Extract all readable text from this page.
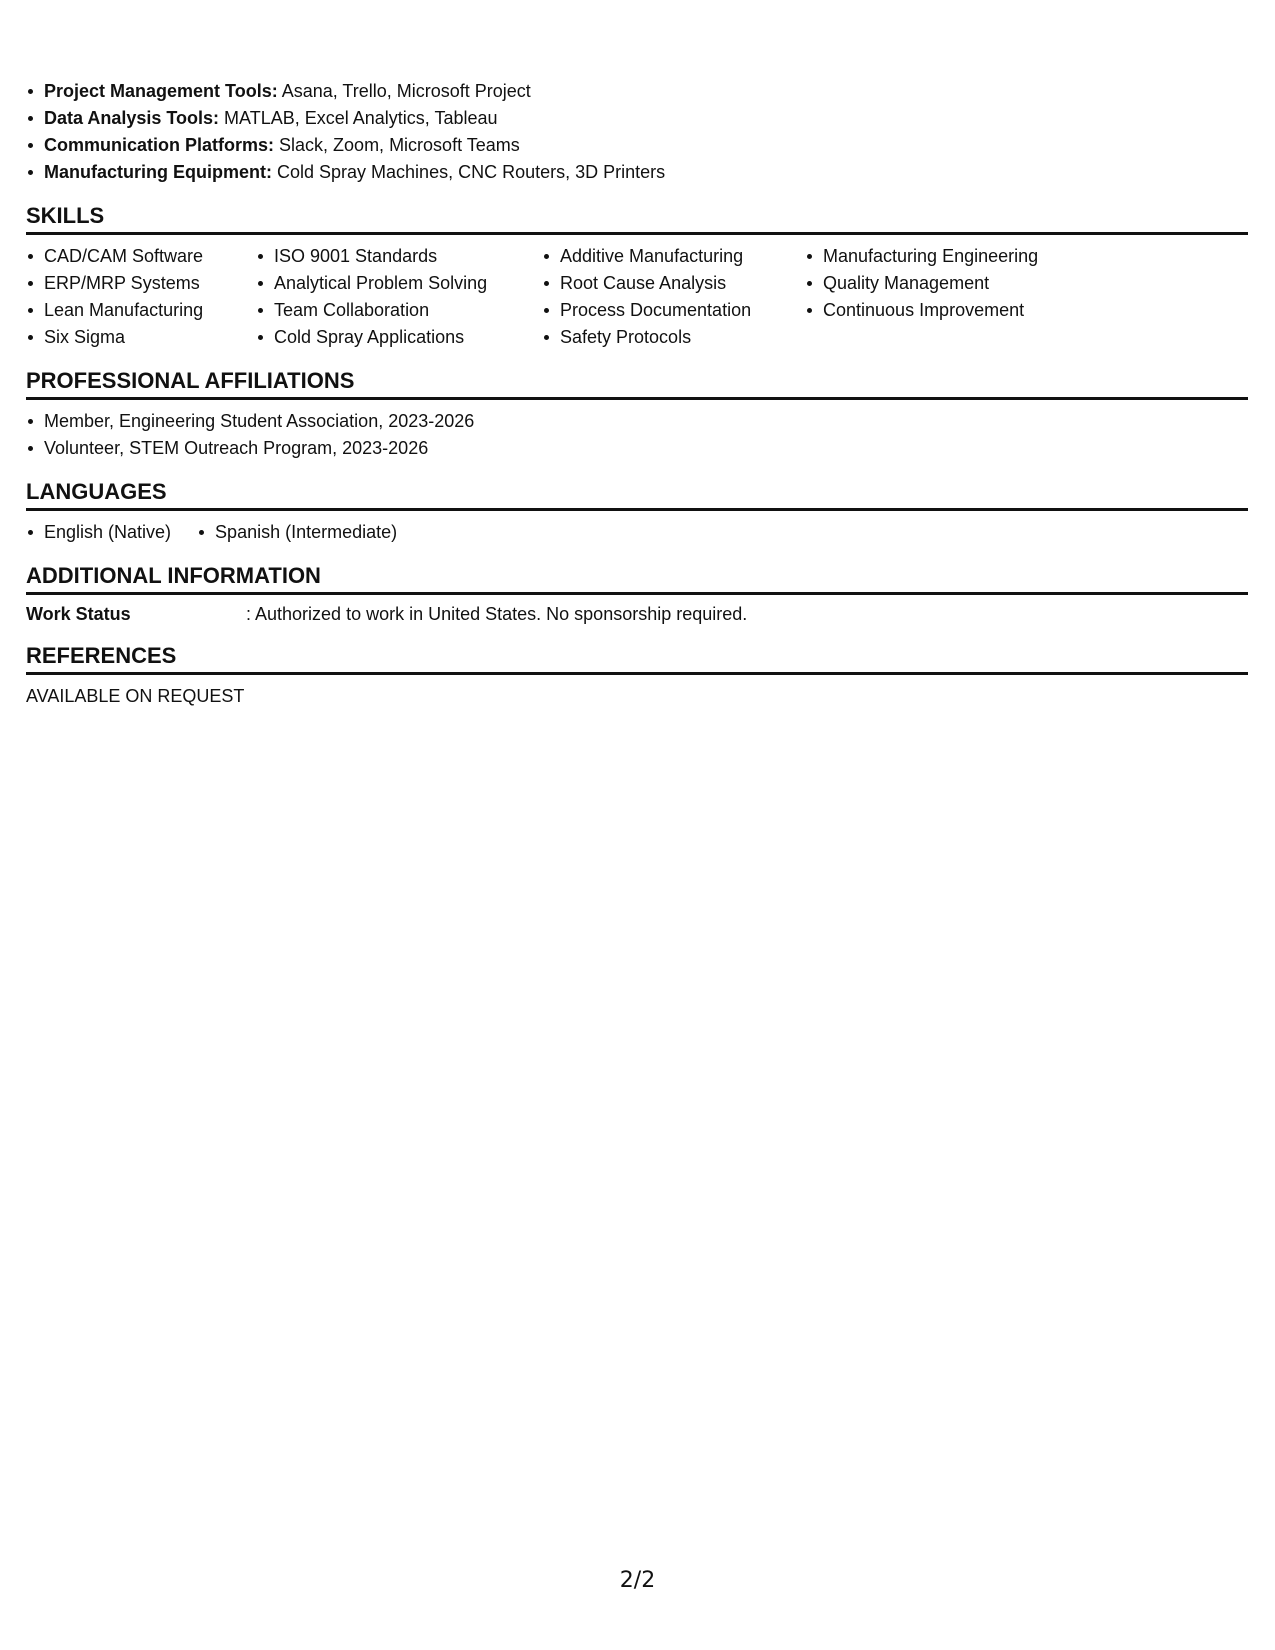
Project Management Tools: Asana, Trello, Microsoft Project
Data Analysis Tools: MATLAB, Excel Analytics, Tableau
Communication Platforms: Slack, Zoom, Microsoft Teams
Manufacturing Equipment: Cold Spray Machines, CNC Routers, 3D Printers
SKILLS
CAD/CAM Software
ERP/MRP Systems
Lean Manufacturing
Six Sigma
ISO 9001 Standards
Analytical Problem Solving
Team Collaboration
Cold Spray Applications
Additive Manufacturing
Root Cause Analysis
Process Documentation
Safety Protocols
Manufacturing Engineering
Quality Management
Continuous Improvement
PROFESSIONAL AFFILIATIONS
Member, Engineering Student Association, 2023-2026
Volunteer, STEM Outreach Program, 2023-2026
LANGUAGES
English (Native) Spanish (Intermediate)
ADDITIONAL INFORMATION
Work Status	: Authorized to work in United States. No sponsorship required.
REFERENCES
AVAILABLE ON REQUEST
2/2
